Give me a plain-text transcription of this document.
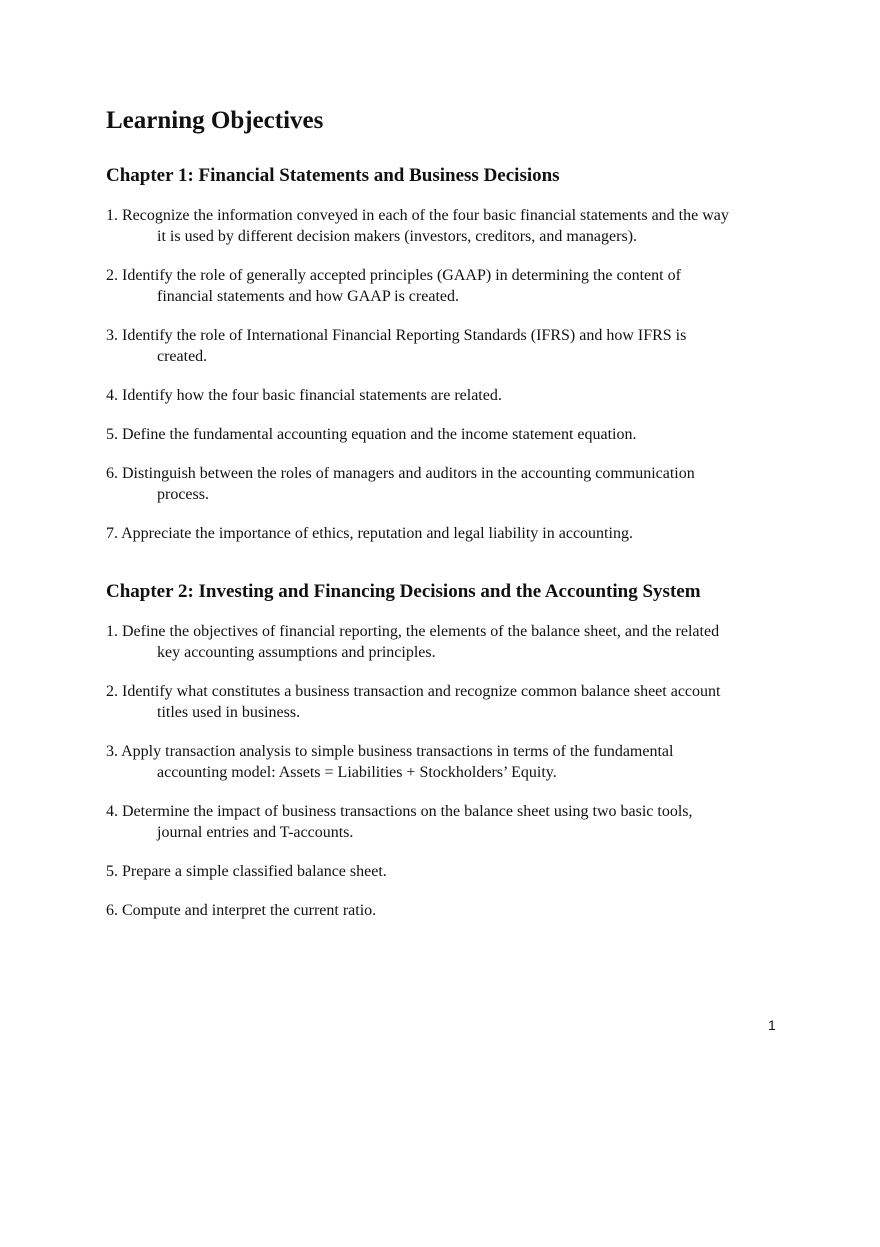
Learning Objectives
Chapter 1: Financial Statements and Business Decisions
1. Recognize the information conveyed in each of the four basic financial statements and the way
it is used by different decision makers (investors, creditors, and managers).
2. Identify the role of generally accepted principles (GAAP) in determining the content of
financial statements and how GAAP is created.
3. Identify the role of International Financial Reporting Standards (IFRS) and how IFRS is
created.
4. Identify how the four basic financial statements are related.
5. Define the fundamental accounting equation and the income statement equation.
6. Distinguish between the roles of managers and auditors in the accounting communication
process.
7. Appreciate the importance of ethics, reputation and legal liability in accounting.
Chapter 2: Investing and Financing Decisions and the Accounting System
1. Define the objectives of financial reporting, the elements of the balance sheet, and the related
key accounting assumptions and principles.
2. Identify what constitutes a business transaction and recognize common balance sheet account
titles used in business.
3. Apply transaction analysis to simple business transactions in terms of the fundamental
accounting model: Assets = Liabilities + Stockholders’ Equity.
4. Determine the impact of business transactions on the balance sheet using two basic tools,
journal entries and T-accounts.
5. Prepare a simple classified balance sheet.
6. Compute and interpret the current ratio.
1
